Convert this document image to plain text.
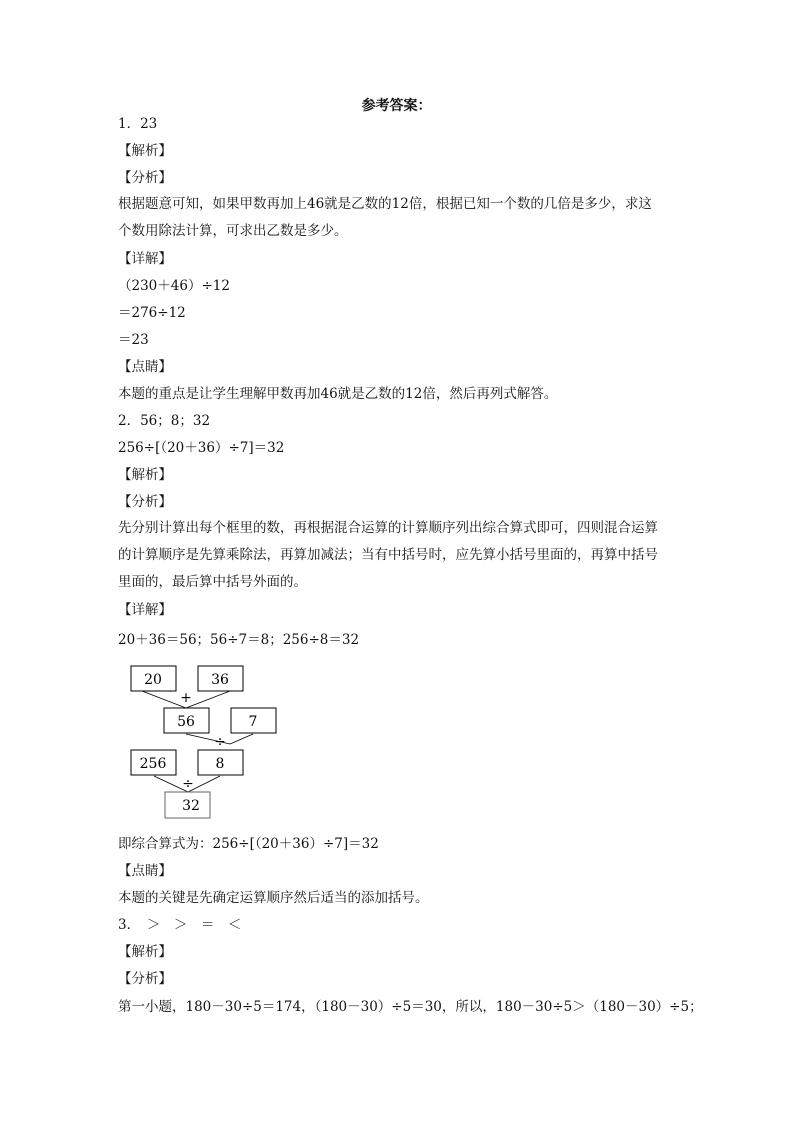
参考答案：
1．23
【解析】
【分析】
根据题意可知，如果甲数再加上46就是乙数的12倍，根据已知一个数的几倍是多少，求这个数用除法计算，可求出乙数是多少。
【详解】
（230＋46）÷12
＝276÷12
＝23
【点睛】
本题的重点是让学生理解甲数再加46就是乙数的12倍，然后再列式解答。
2．56；8；32
256÷[（20＋36）÷7]＝32
【解析】
【分析】
先分别计算出每个框里的数，再根据混合运算的计算顺序列出综合算式即可，四则混合运算的计算顺序是先算乘除法，再算加减法；当有中括号时，应先算小括号里面的，再算中括号里面的，最后算中括号外面的。
【详解】
20＋36＝56；56÷7＝8；256÷8＝32
20	36
+
56	7
÷
256	8
÷
32
即综合算式为：256÷[（20＋36）÷7]＝32
【点睛】
本题的关键是先确定运算顺序然后适当的添加括号。
3．　＞　＞　＝　＜
【解析】
【分析】
第一小题，180－30÷5＝174，（180－30）÷5＝30，所以，180－30÷5＞（180－30）÷5；
